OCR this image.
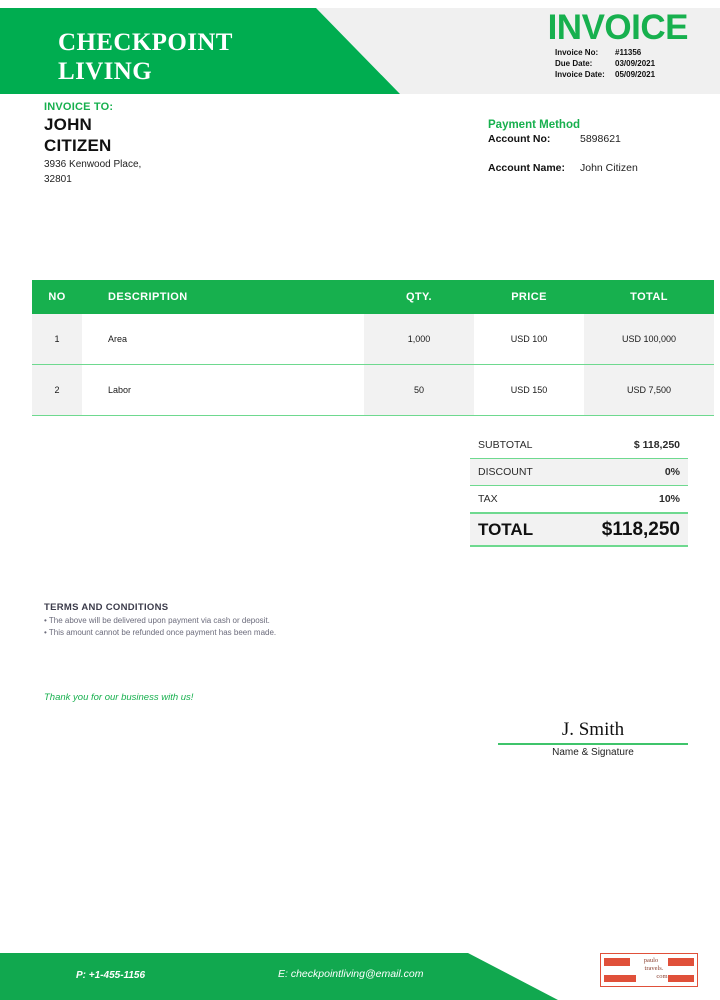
CHECKPOINT
LIVING
INVOICE
Invoice No:	#11356
Due Date:	03/09/2021
Invoice Date:	05/09/2021
INVOICE TO:
JOHN
CITIZEN
3936 Kenwood Place,
32801
Payment Method
Account No:	5898621
Account Name:	John Citizen
NO	DESCRIPTION	QTY.	PRICE	TOTAL
1	Area	1,000	USD 100	USD 100,000
2	Labor	50	USD 150	USD 7,500
SUBTOTAL	$ 118,250
DISCOUNT	0%
TAX	10%
TOTAL	$118,250
TERMS AND CONDITIONS
• The above will be delivered upon payment via cash or deposit.
• This amount cannot be refunded once payment has been made.
Thank you for our business with us!
J. Smith
Name & Signature
P: +1-455-1156	E: checkpointliving@email.com
paulo
travels.
com
